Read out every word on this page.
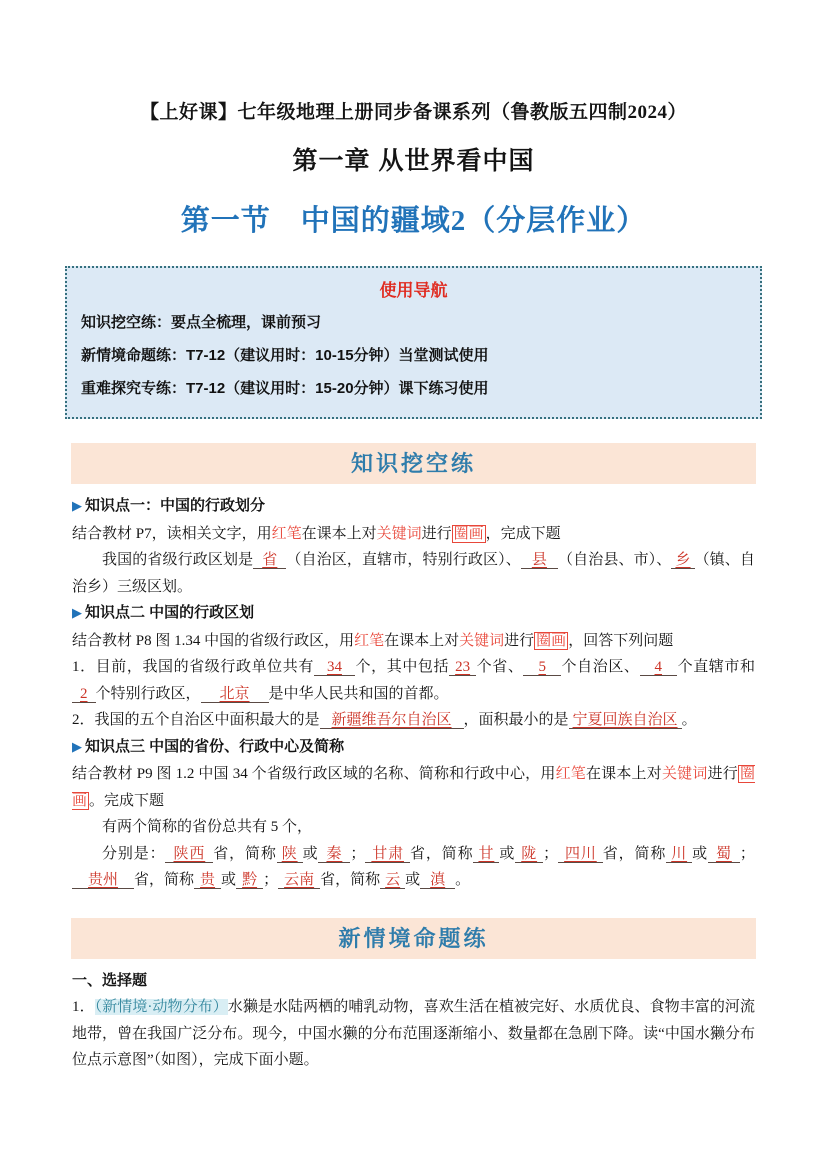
【上好课】七年级地理上册同步备课系列（鲁教版五四制2024）
第一章 从世界看中国
第一节　中国的疆域2（分层作业）
使用导航
知识挖空练：要点全梳理，课前预习
新情境命题练：T7-12（建议用时：10-15分钟）当堂测试使用
重难探究专练：T7-12（建议用时：15-20分钟）课下练习使用
知识挖空练
▶ 知识点一：中国的行政划分
结合教材 P7，读相关文字，用红笔在课本上对关键词进行 圈画 ，完成下题
我国的省级行政区划是 省 （自治区，直辖市，特别行政区）、 县 （自治县、市）、 乡 （镇、自治乡）三级区划。
▶ 知识点二 中国的行政区划
结合教材 P8 图 1.34 中国的省级行政区，用红笔在课本上对关键词进行 圈画 ，回答下列问题
1．目前，我国的省级行政单位共有 34 个，其中包括 23 个省、 5 个自治区、 4 个直辖市和2 个特别行政区， 北京 是中华人民共和国的首都。
2．我国的五个自治区中面积最大的是 新疆维吾尔自治区 ，面积最小的是 宁夏回族自治区 。
▶ 知识点三 中国的省份、行政中心及简称
结合教材 P9 图 1.2 中国 34 个省级行政区域的名称、简称和行政中心，用红笔在课本上对关键词进行 圈画 。完成下题
有两个简称的省份总共有 5 个，
分别是： 陕西 省，简称 陕 或 秦 ； 甘肃 省，简称 甘 或 陇 ； 四川 省，简称 川 或 蜀 ；贵州 省，简称 贵 或 黔 ； 云南 省，简称 云 或 滇 。
新情境命题练
一、选择题
1．（新情境·动物分布）水獭是水陆两栖的哺乳动物，喜欢生活在植被完好、水质优良、食物丰富的河流地带，曾在我国广泛分布。现今，中国水獭的分布范围逐渐缩小、数量都在急剧下降。读“中国水獭分布位点示意图”（如图），完成下面小题。
